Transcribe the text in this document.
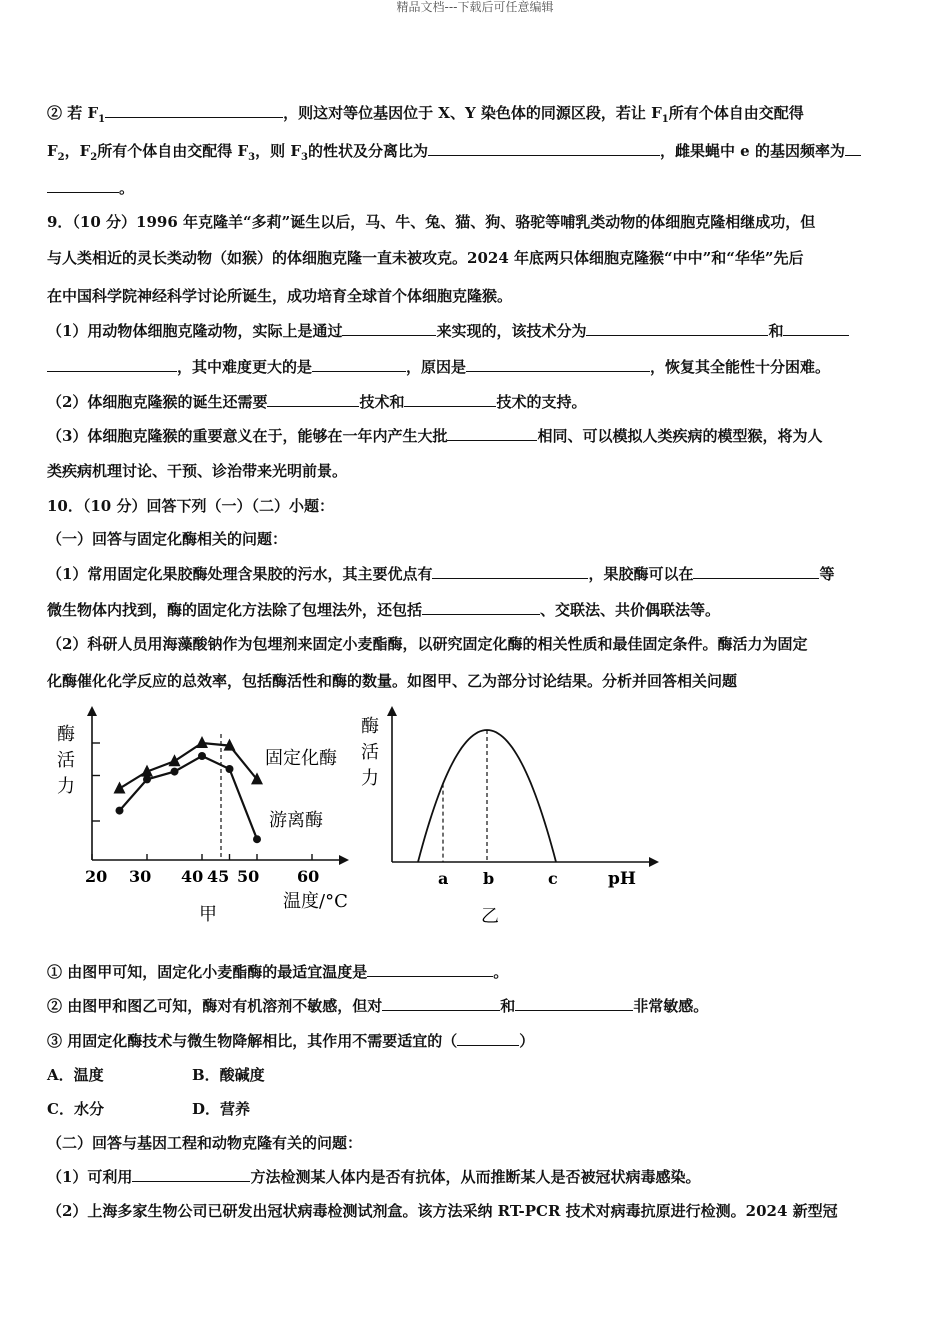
精品文档---下载后可任意编辑
② 若 $F_1$	，则这对等位基因位于 X、Y 染色体的同源区段，若让 $F_1$所有个体自由交配得
$F_2$，$F_2$所有个体自由交配得 $F_3$，则 $F_3$的性状及分离比为	，雌果蝇中 e 的基因频率为
。
9．（10 分）1996 年克隆羊“多莉”诞生以后，马、牛、兔、猫、狗、骆驼等哺乳类动物的体细胞克隆相继成功，但
与人类相近的灵长类动物（如猴）的体细胞克隆一直未被攻克。2024 年底两只体细胞克隆猴“中中”和“华华”先后
在中国科学院神经科学讨论所诞生，成功培育全球首个体细胞克隆猴。
（1）用动物体细胞克隆动物，实际上是通过	来实现的，该技术分为	和
，其中难度更大的是	，原因是	，恢复其全能性十分困难。
（2）体细胞克隆猴的诞生还需要	技术和	技术的支持。
（3）体细胞克隆猴的重要意义在于，能够在一年内产生大批	相同、可以模拟人类疾病的模型猴，将为人
类疾病机理讨论、干预、诊治带来光明前景。
10．（10 分）回答下列（一）（二）小题：
（一）回答与固定化酶相关的问题：
（1）常用固定化果胶酶处理含果胶的污水，其主要优点有	，果胶酶可以在	等
微生物体内找到，酶的固定化方法除了包埋法外，还包括	、交联法、共价偶联法等。
（2）科研人员用海藻酸钠作为包埋剂来固定小麦酯酶，以研究固定化酶的相关性质和最佳固定条件。酶活力为固定
化酶催化化学反应的总效率，包括酶活性和酶的数量。如图甲、乙为部分讨论结果。分析并回答相关问题
酶
活
力
20 30 40 45 50 60
固定化酶
游离酶
温度/°C
甲
酶
活
力
a b	c	pH
乙
① 由图甲可知，固定化小麦酯酶的最适宜温度是	。
② 由图甲和图乙可知，酶对有机溶剂不敏感，但对	和	非常敏感。
③ 用固定化酶技术与微生物降解相比，其作用不需要适宜的（	）
A．温度	B．酸碱度
C．水分	D．营养
（二）回答与基因工程和动物克隆有关的问题：
（1）可利用	方法检测某人体内是否有抗体，从而推断某人是否被冠状病毒感染。
（2）上海多家生物公司已研发出冠状病毒检测试剂盒。该方法采纳 RT-PCR 技术对病毒抗原进行检测。2024 新型冠
